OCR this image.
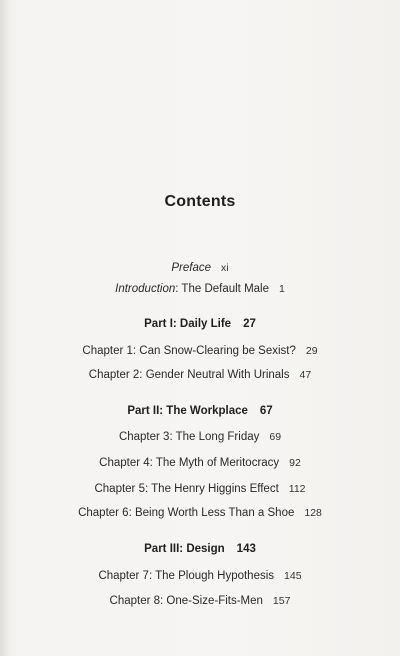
Contents
Preface xi
Introduction: The Default Male 1
Part I: Daily Life 27
Chapter 1: Can Snow-Clearing be Sexist? 29
Chapter 2: Gender Neutral With Urinals 47
Part II: The Workplace 67
Chapter 3: The Long Friday 69
Chapter 4: The Myth of Meritocracy 92
Chapter 5: The Henry Higgins Effect 112
Chapter 6: Being Worth Less Than a Shoe 128
Part III: Design 143
Chapter 7: The Plough Hypothesis 145
Chapter 8: One-Size-Fits-Men 157
